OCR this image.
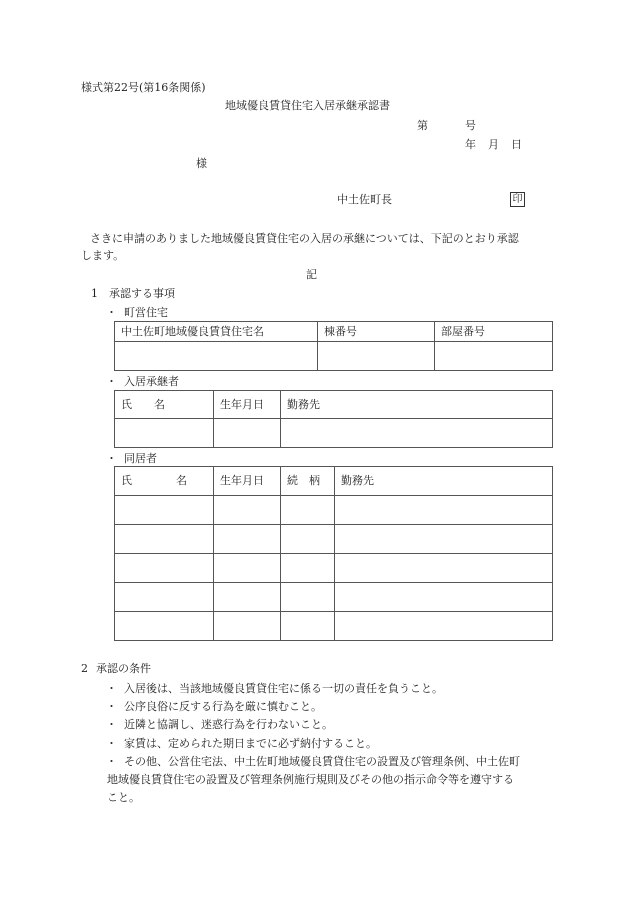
様式第22号(第16条関係)
地域優良賃貸住宅入居承継承認書
第	号
年 月 日
様
中土佐町長	印
さきに申請のありました地域優良賃貸住宅の入居の承継については、下記のとおり承認
します。
記
1 承認する事項
・ 町営住宅
中土佐町地域優良賃貸住宅名	棟番号	部屋番号

・ 入居承継者
氏　　名	生年月日	勤務先

・ 同居者
氏　　　　名	生年月日	続　柄	勤務先

2 承認の条件
・ 入居後は、当該地域優良賃貸住宅に係る一切の責任を負うこと。
・ 公序良俗に反する行為を厳に慎むこと。
・ 近隣と協調し、迷惑行為を行わないこと。
・ 家賃は、定められた期日までに必ず納付すること。
・ その他、公営住宅法、中土佐町地域優良賃貸住宅の設置及び管理条例、中土佐町
地域優良賃貸住宅の設置及び管理条例施行規則及びその他の指示命令等を遵守する
こと。
